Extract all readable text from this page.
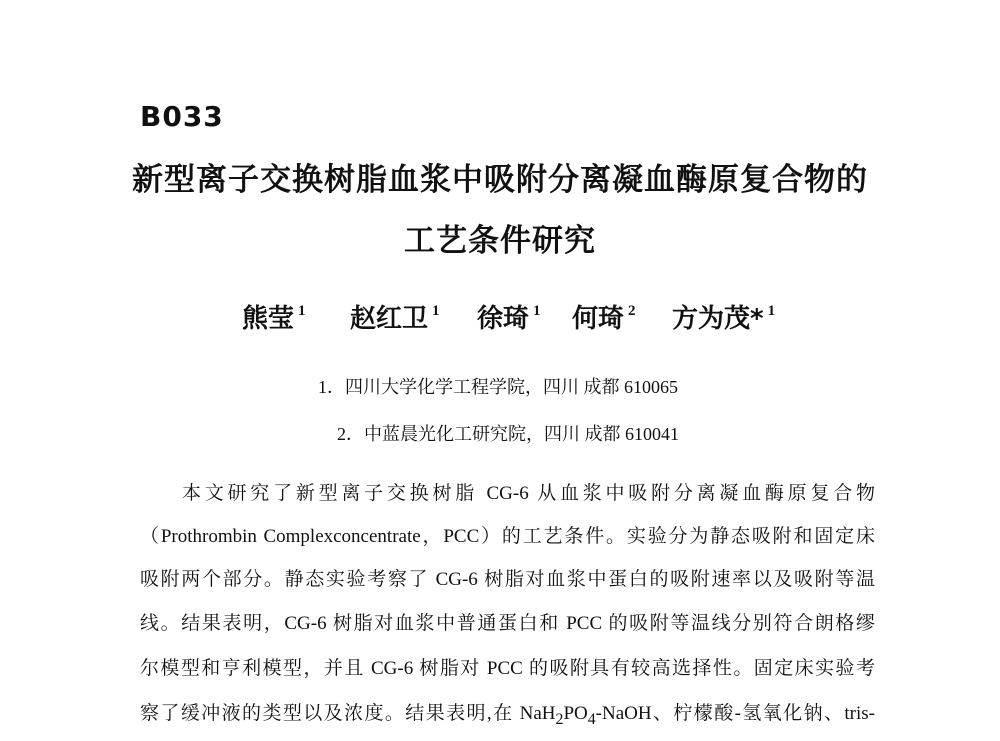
B033
新型离子交换树脂血浆中吸附分离凝血酶原复合物的
工艺条件研究
熊莹 $^1$ 赵红卫 $^1$ 徐琦 $^1$ 何琦 $^2$ 方为茂* $^1$
1．四川大学化学工程学院，四川 成都 610065
2．中蓝晨光化工研究院，四川 成都 610041
本文研究了新型离子交换树脂 CG-6 从血浆中吸附分离凝血酶原复合物
（Prothrombin Complexconcentrate，PCC）的工艺条件。实验分为静态吸附和固定床
吸附两个部分。静态实验考察了 CG-6 树脂对血浆中蛋白的吸附速率以及吸附等温
线。结果表明，CG-6 树脂对血浆中普通蛋白和 PCC 的吸附等温线分别符合朗格缪
尔模型和亨利模型，并且 CG-6 树脂对 PCC 的吸附具有较高选择性。固定床实验考
察了缓冲液的类型以及浓度。结果表明,在 $NaH_2PO_4$-NaOH、柠檬酸-氢氧化钠、tris-
